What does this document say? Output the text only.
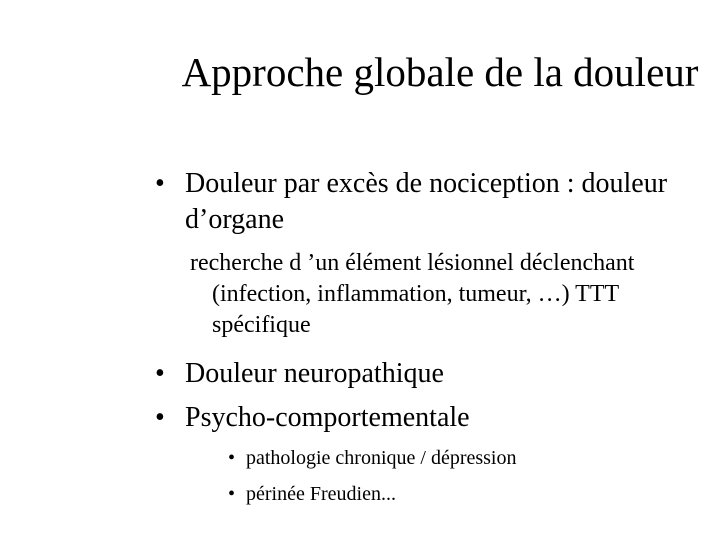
Approche globale de la douleur
• Douleur par excès de nociception : douleur d’organe
recherche d ’un élément lésionnel déclenchant
(infection, inflammation, tumeur, …) TTT
spécifique
• Douleur neuropathique
• Psycho-comportementale
• pathologie chronique / dépression
• périnée Freudien...
